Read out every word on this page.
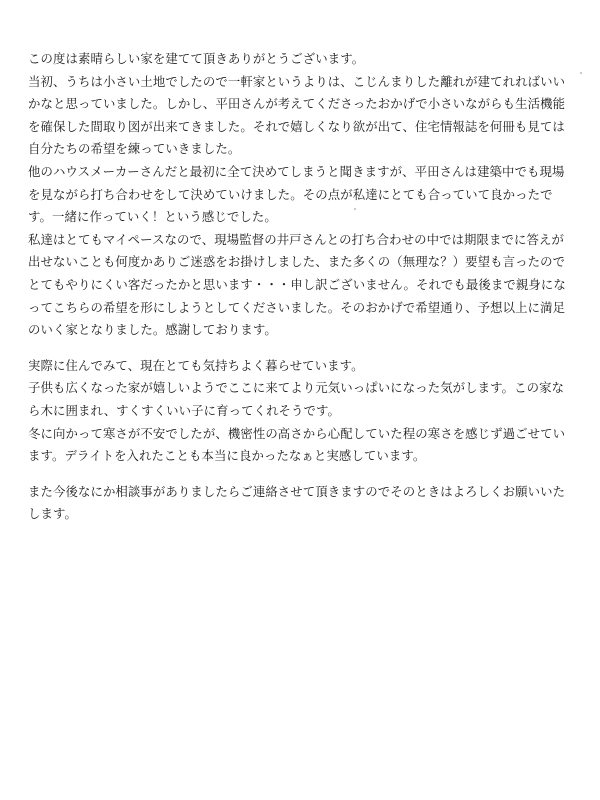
この度は素晴らしい家を建てて頂きありがとうございます。

当初、うちは小さい土地でしたので一軒家というよりは、こじんまりした離れが建てれればいいかなと思っていました。しかし、平田さんが考えてくださったおかげで小さいながらも生活機能を確保した間取り図が出来てきました。それで嬉しくなり欲が出て、住宅情報誌を何冊も見ては自分たちの希望を練っていきました。

他のハウスメーカーさんだと最初に全て決めてしまうと聞きますが、平田さんは建築中でも現場を見ながら打ち合わせをして決めていけました。その点が私達にとても合っていて良かったです。一緒に作っていく！という感じでした。

私達はとてもマイペースなので、現場監督の井戸さんとの打ち合わせの中では期限までに答えが出せないことも何度かありご迷惑をお掛けしました、また多くの（無理な？）要望も言ったのでとてもやりにくい客だったかと思います・・・申し訳ございません。それでも最後まで親身になってこちらの希望を形にしようとしてくださいました。そのおかげで希望通り、予想以上に満足のいく家となりました。感謝しております。

実際に住んでみて、現在とても気持ちよく暮らせています。

子供も広くなった家が嬉しいようでここに来てより元気いっぱいになった気がします。この家なら木に囲まれ、すくすくいい子に育ってくれそうです。

冬に向かって寒さが不安でしたが、機密性の高さから心配していた程の寒さを感じず過ごせています。デライトを入れたことも本当に良かったなぁと実感しています。

また今後なにか相談事がありましたらご連絡させて頂きますのでそのときはよろしくお願いいたします。
